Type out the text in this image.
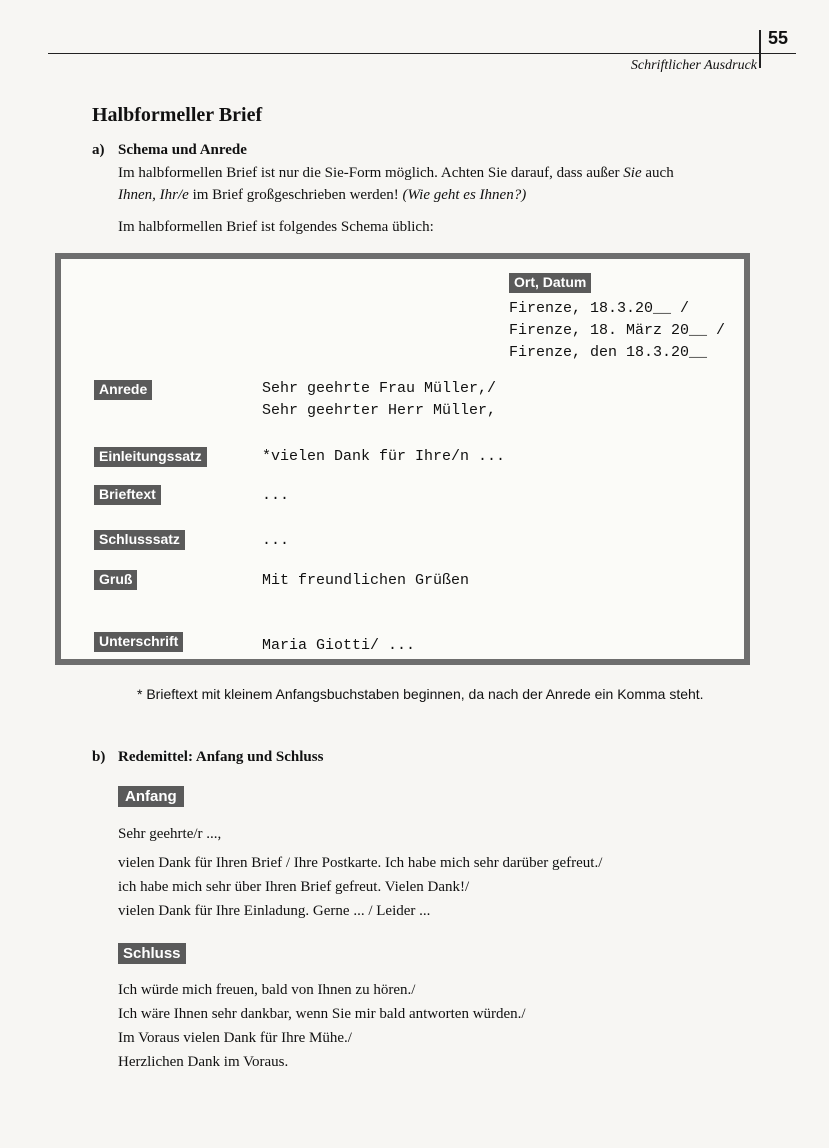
55
Schriftlicher Ausdruck
Halbformeller Brief
a) Schema und Anrede
Im halbformellen Brief ist nur die Sie-Form möglich. Achten Sie darauf, dass außer Sie auch
Ihnen, Ihr/e im Brief großgeschrieben werden! (Wie geht es Ihnen?)
Im halbformellen Brief ist folgendes Schema üblich:
Ort, Datum
Firenze, 18.3.20__ /
Firenze, 18. März 20__ /
Firenze, den 18.3.20__
Anrede	Sehr geehrte Frau Müller,/
Sehr geehrter Herr Müller,
Einleitungssatz	*vielen Dank für Ihre/n ...
Brieftext	...
Schlusssatz	...
Gruß	Mit freundlichen Grüßen
Unterschrift	Maria Giotti/ ...
* Brieftext mit kleinem Anfangsbuchstaben beginnen, da nach der Anrede ein Komma steht.
b) Redemittel: Anfang und Schluss
Anfang
Sehr geehrte/r ...,
vielen Dank für Ihren Brief / Ihre Postkarte. Ich habe mich sehr darüber gefreut./
ich habe mich sehr über Ihren Brief gefreut. Vielen Dank!/
vielen Dank für Ihre Einladung. Gerne ... / Leider ...
Schluss
Ich würde mich freuen, bald von Ihnen zu hören./
Ich wäre Ihnen sehr dankbar, wenn Sie mir bald antworten würden./
Im Voraus vielen Dank für Ihre Mühe./
Herzlichen Dank im Voraus.
